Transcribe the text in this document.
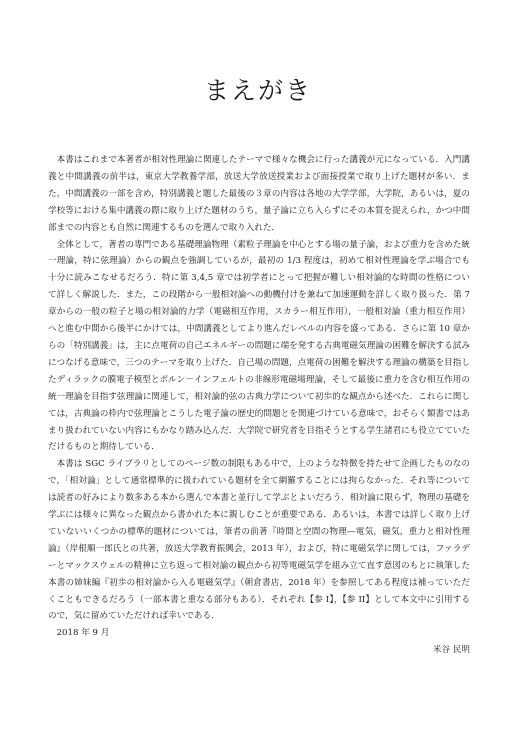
まえがき

本書はこれまで本著者が相対性理論に関連したテーマで様々な機会に行った講義が元になっている．入門講義と中間講義の前半は，東京大学教養学部，放送大学放送授業および面接授業で取り上げた題材が多い．また，中間講義の一部を含め，特別講義と題した最後の３章の内容は各地の大学学部，大学院，あるいは，夏の学校等における集中講義の際に取り上げた題材のうち，量子論に立ち入らずにその本質を捉えられ，かつ中間部までの内容とも自然に関連するものを選んで取り入れた．

全体として，著者の専門である基礎理論物理（素粒子理論を中心とする場の量子論，および重力を含めた統一理論，特に弦理論）からの観点を強調しているが，最初の 1/3 程度は，初めて相対性理論を学ぶ場合でも十分に読みこなせるだろう．特に第 3,4,5 章では初学者にとって把握が難しい相対論的な時間の性格について詳しく解説した．また，この段階から一般相対論への動機付けを兼ねて加速運動を詳しく取り扱った．第 7 章からの一般の粒子と場の相対論的力学（電磁相互作用，スカラー相互作用），一般相対論（重力相互作用）へと進む中間から後半にかけては，中間講義としてより進んだレベルの内容を盛ってある．さらに第 10 章からの「特別講義」は，主に点電荷の自己エネルギーの問題に端を発する古典電磁気理論の困難を解決する試みにつなげる意味で，三つのテーマを取り上げた．自己場の問題，点電荷の困難を解決する理論の構築を目指したディラックの膜電子模型とボルン－インフェルトの非線形電磁場理論，そして最後に重力を含む相互作用の統一理論を目指す弦理論に関連して，相対論的弦の古典力学について初歩的な観点から述べた．これらに関しては，古典論の枠内で弦理論とこうした電子論の歴史的問題とを関連づけている意味で，おそらく類書ではあまり扱われていない内容にもかなり踏み込んだ．大学院で研究者を目指そうとする学生諸君にも役立てていただけるものと期待している．

本書は SGC ライブラリとしてのページ数の制限もある中で，上のような特徴を持たせて企画したものなので，「相対論」として通常標準的に扱われている題材を全て網羅することには拘らなかった．それ等については読者の好みにより数多ある本から選んで本書と並行して学ぶとよいだろう．相対論に限らず，物理の基礎を学ぶには様々に異なった観点から書かれた本に親しむことが重要である．あるいは，本書では詳しく取り上げていないいくつかの標準的題材については，筆者の前著『時間と空間の物理―電気，磁気，重力と相対性理論』（岸根順一郎氏との共著，放送大学教育振興会，2013 年），および，特に電磁気学に関しては，ファラデーとマックスウェルの精神に立ち返って相対論の観点から初等電磁気学を組み立て直す意図のもとに執筆した本書の姉妹編『初歩の相対論から入る電磁気学』（朝倉書店，2018 年）を参照してある程度は補っていただくこともできるだろう（一部本書と重なる部分もある）．それぞれ【参 I】，【参 II】として本文中に引用するので，気に留めていただければ幸いである．

2018 年 9 月

米谷 民明
